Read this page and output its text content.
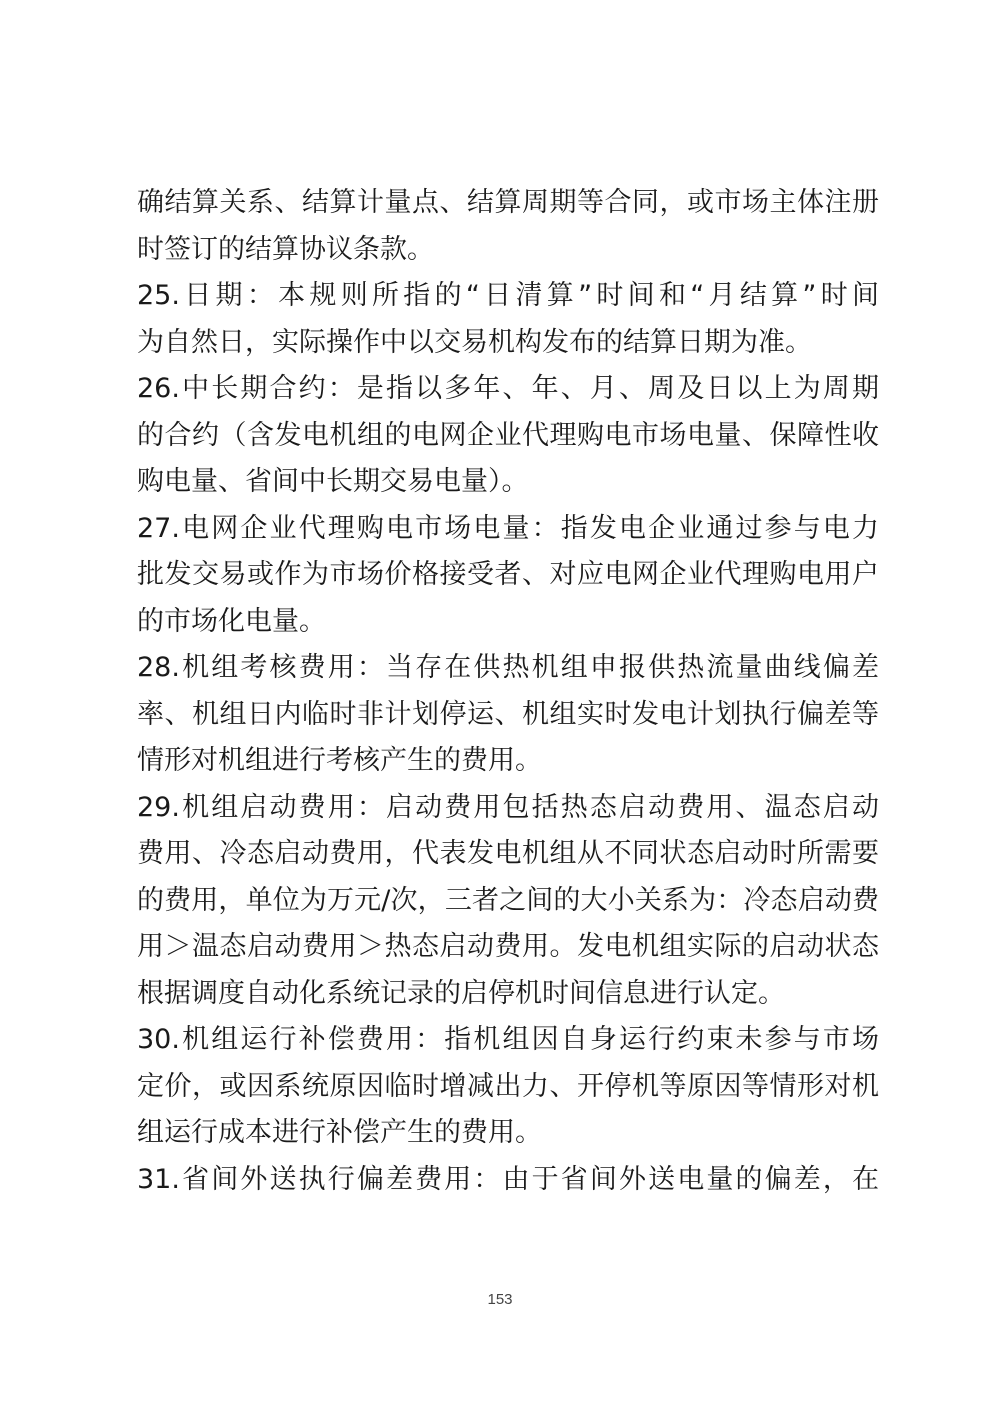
确结算关系、结算计量点、结算周期等合同，或市场主体注册
时签订的结算协议条款。
25.日期：本规则所指的“日清算”时间和“月结算”时间
为自然日，实际操作中以交易机构发布的结算日期为准。
26.中长期合约：是指以多年、年、月、周及日以上为周期
的合约（含发电机组的电网企业代理购电市场电量、保障性收
购电量、省间中长期交易电量）。
27.电网企业代理购电市场电量：指发电企业通过参与电力
批发交易或作为市场价格接受者、对应电网企业代理购电用户
的市场化电量。
28.机组考核费用：当存在供热机组申报供热流量曲线偏差
率、机组日内临时非计划停运、机组实时发电计划执行偏差等
情形对机组进行考核产生的费用。
29.机组启动费用：启动费用包括热态启动费用、温态启动
费用、冷态启动费用，代表发电机组从不同状态启动时所需要
的费用，单位为万元/次，三者之间的大小关系为：冷态启动费
用＞温态启动费用＞热态启动费用。发电机组实际的启动状态
根据调度自动化系统记录的启停机时间信息进行认定。
30.机组运行补偿费用：指机组因自身运行约束未参与市场
定价，或因系统原因临时增减出力、开停机等原因等情形对机
组运行成本进行补偿产生的费用。
31.省间外送执行偏差费用：由于省间外送电量的偏差，在
153
